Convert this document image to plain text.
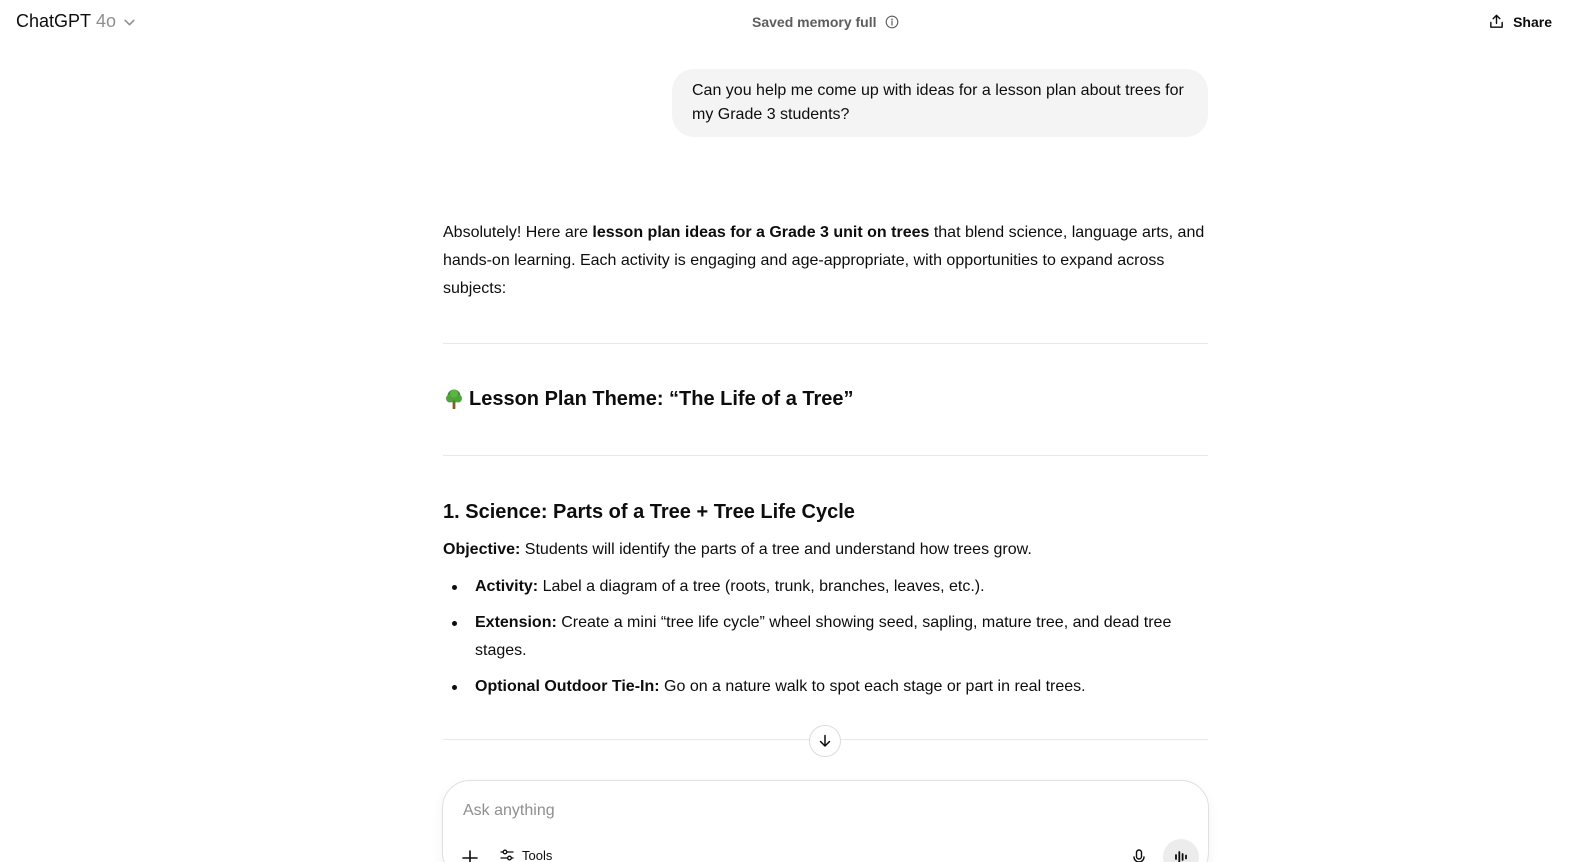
ChatGPT 4o	Saved memory full	Share
Can you help me come up with ideas for a lesson plan about trees for my Grade 3 students?

Absolutely! Here are lesson plan ideas for a Grade 3 unit on trees that blend science, language arts, and hands-on learning. Each activity is engaging and age-appropriate, with opportunities to expand across subjects:

Lesson Plan Theme: “The Life of a Tree”
1. Science: Parts of a Tree + Tree Life Cycle

Objective: Students will identify the parts of a tree and understand how trees grow.

Activity: Label a diagram of a tree (roots, trunk, branches, leaves, etc.).
Extension: Create a mini “tree life cycle” wheel showing seed, sapling, mature tree, and dead tree stages.
Optional Outdoor Tie-In: Go on a nature walk to spot each stage or part in real trees.
Ask anything
Tools
